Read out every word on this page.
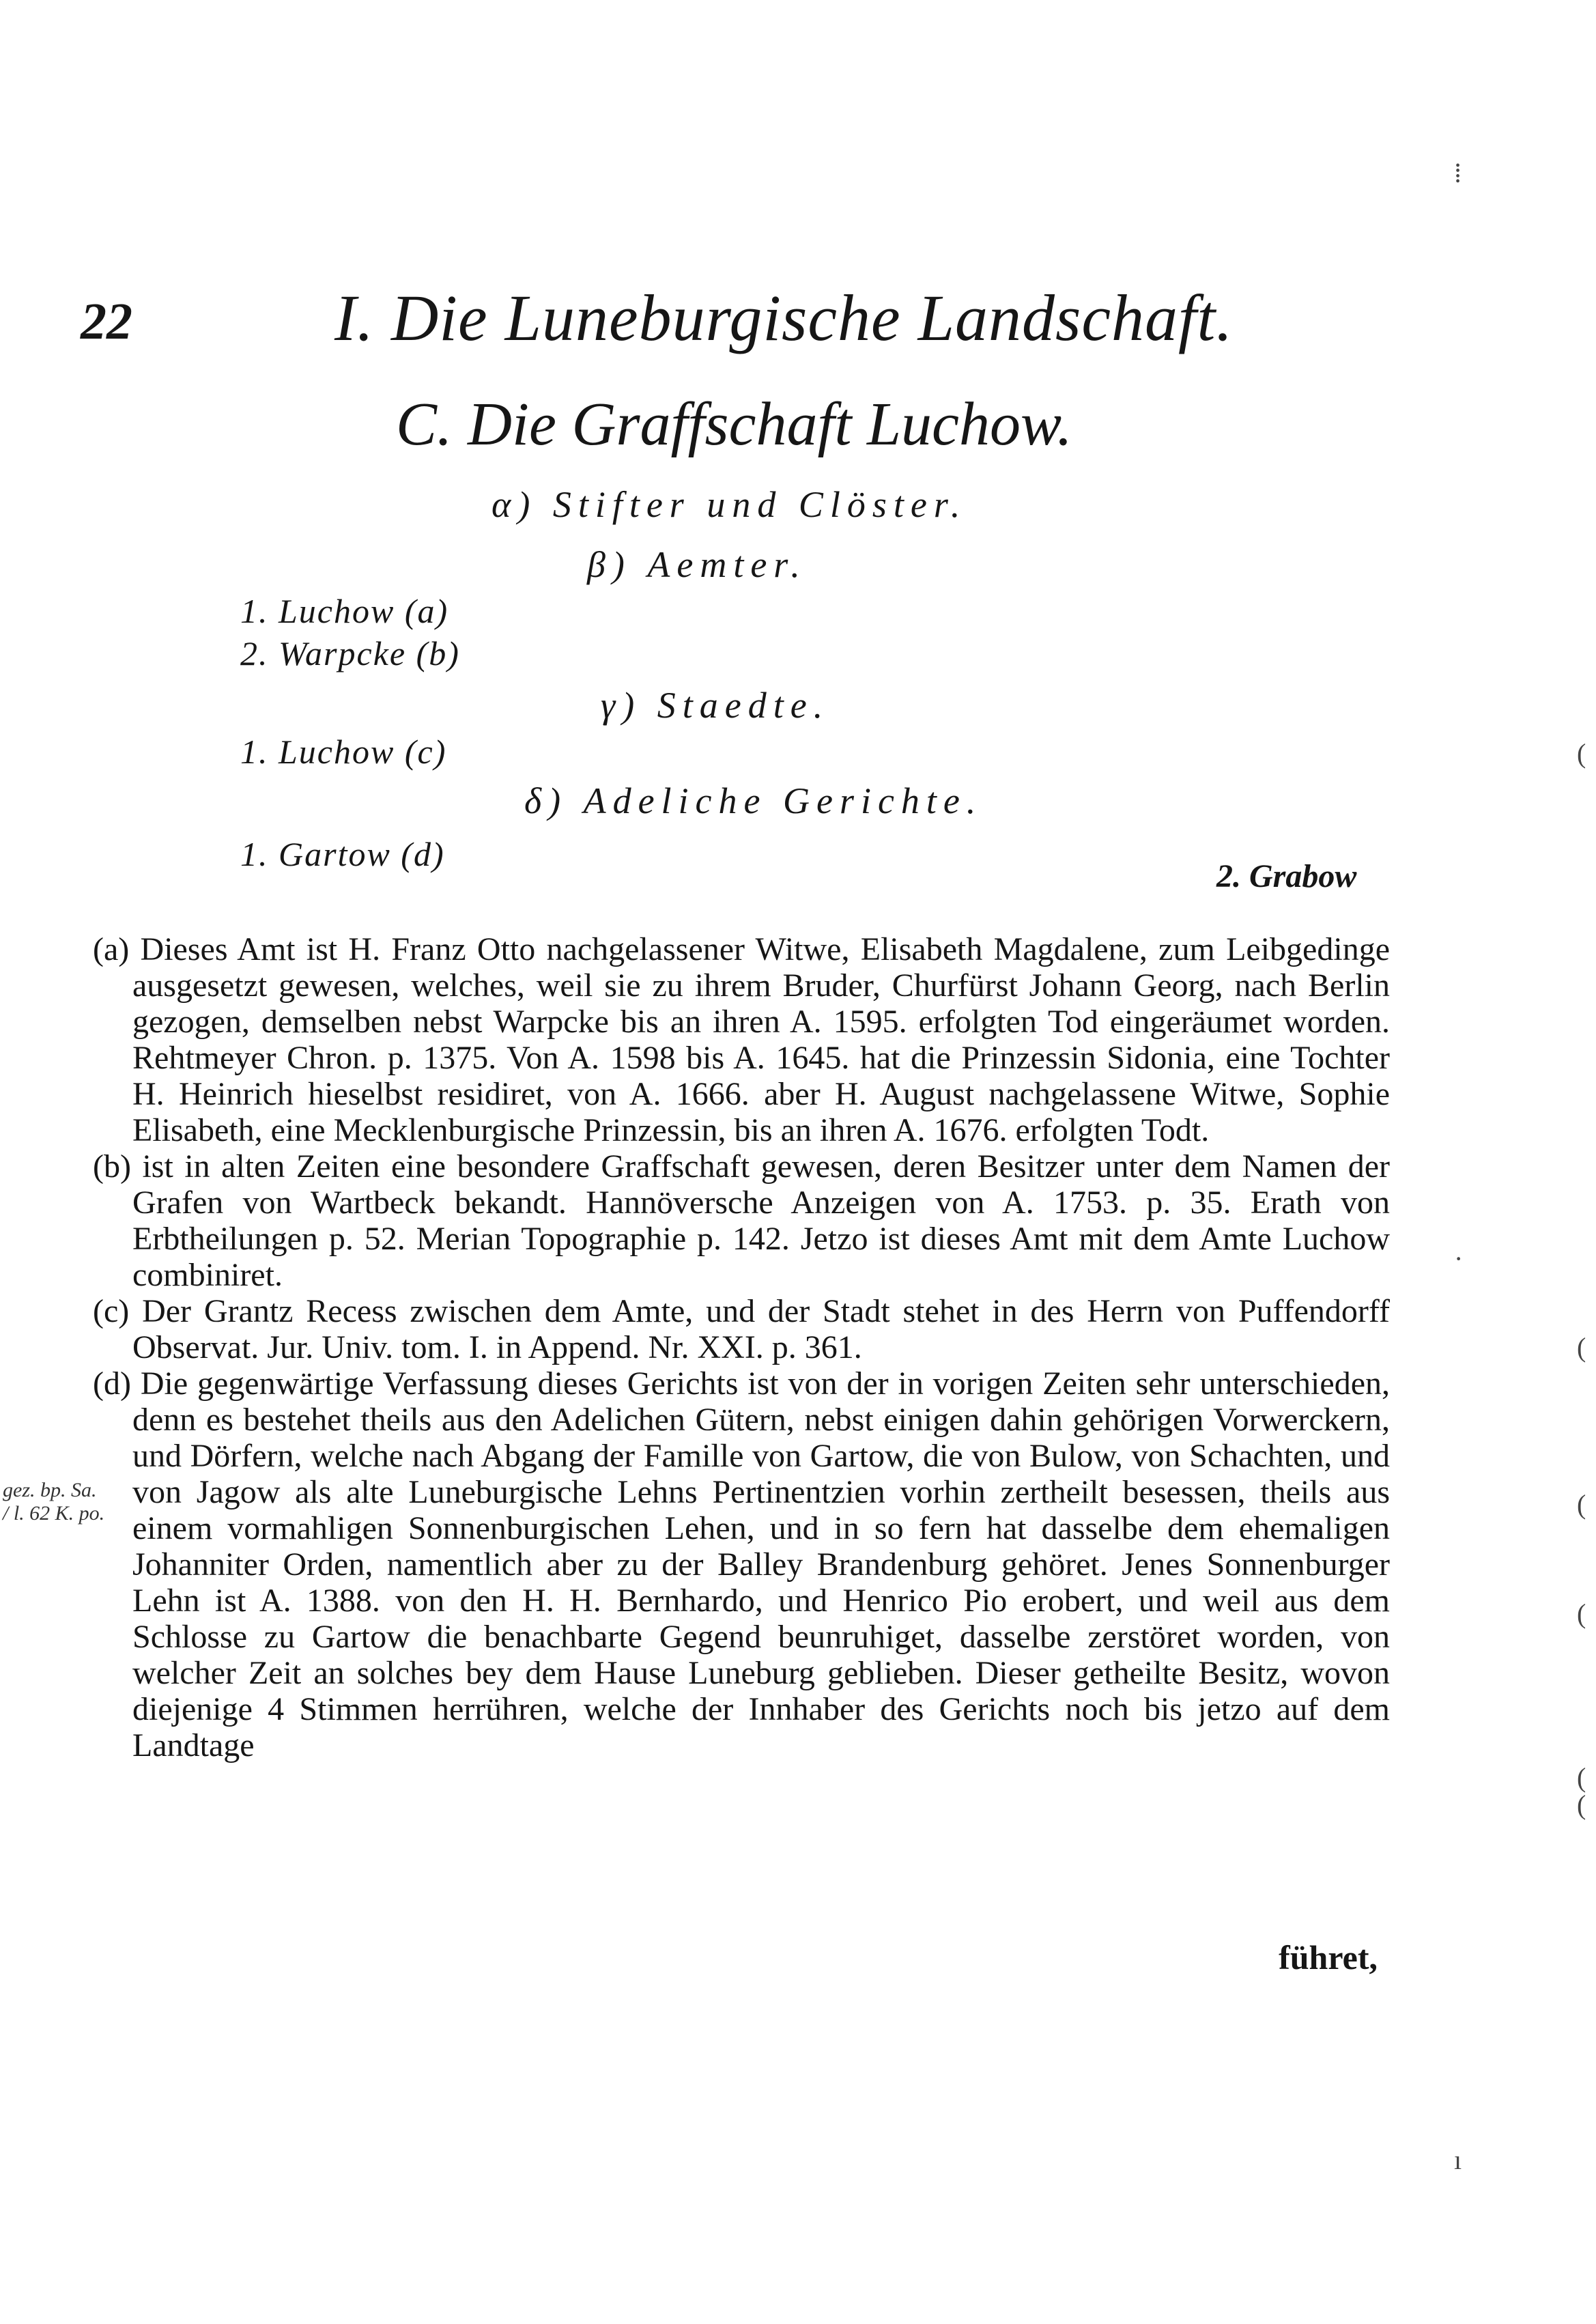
22	I. Die Luneburgische Landschaft.
C. Die Graffschaft Luchow.
α) Stifter und Clöster.
β) Aemter.
1. Luchow (a)
2. Warpcke (b)
γ) Staedte.
1. Luchow (c)
δ) Adeliche Gerichte.
1. Gartow (d)
2. Grabow

(a) Dieses Amt ist H. Franz Otto nachgelassener Witwe, Elisabeth Magdalene, zum Leibgedinge ausgesetzt gewesen, welches, weil sie zu ihrem Bruder, Churfürst Johann Georg, nach Berlin gezogen, demselben nebst Warpcke bis an ihren A. 1595. erfolgten Tod eingeräumet worden. Rehtmeyer Chron. p. 1375. Von A. 1598 bis A. 1645. hat die Prinzessin Sidonia, eine Tochter H. Heinrich hieselbst residiret, von A. 1666. aber H. August nachgelassene Witwe, Sophie Elisabeth, eine Mecklenburgische Prinzessin, bis an ihren A. 1676. erfolgten Todt.

(b) ist in alten Zeiten eine besondere Graffschaft gewesen, deren Besitzer unter dem Namen der Grafen von Wartbeck bekandt. Hannöversche Anzeigen von A. 1753. p. 35. Erath von Erbtheilungen p. 52. Merian Topographie p. 142. Jetzo ist dieses Amt mit dem Amte Luchow combiniret.

(c) Der Grantz Recess zwischen dem Amte, und der Stadt stehet in des Herrn von Puffendorff Observat. Jur. Univ. tom. I. in Append. Nr. XXI. p. 361.

(d) Die gegenwärtige Verfassung dieses Gerichts ist von der in vorigen Zeiten sehr unterschieden, denn es bestehet theils aus den Adelichen Gütern, nebst einigen dahin gehörigen Vorwerckern, und Dörfern, welche nach Abgang der Famille von Gartow, die von Bulow, von Schachten, und von Jagow als alte Luneburgische Lehns Pertinentzien vorhin zertheilt besessen, theils aus einem vormahligen Sonnenburgischen Lehen, und in so fern hat dasselbe dem ehemaligen Johanniter Orden, namentlich aber zu der Balley Brandenburg gehöret. Jenes Sonnenburger Lehn ist A. 1388. von den H. H. Bernhardo, und Henrico Pio erobert, und weil aus dem Schlosse zu Gartow die benachbarte Gegend beunruhiget, dasselbe zerstöret worden, von welcher Zeit an solches bey dem Hause Luneburg geblieben. Dieser getheilte Besitz, wovon diejenige 4 Stimmen herrühren, welche der Innhaber des Gerichts noch bis jetzo auf dem Landtage

führet,
gez. bp. Sa. / l. 62 K. po.
⁞
·
(
(
(
(
(
(
ı
